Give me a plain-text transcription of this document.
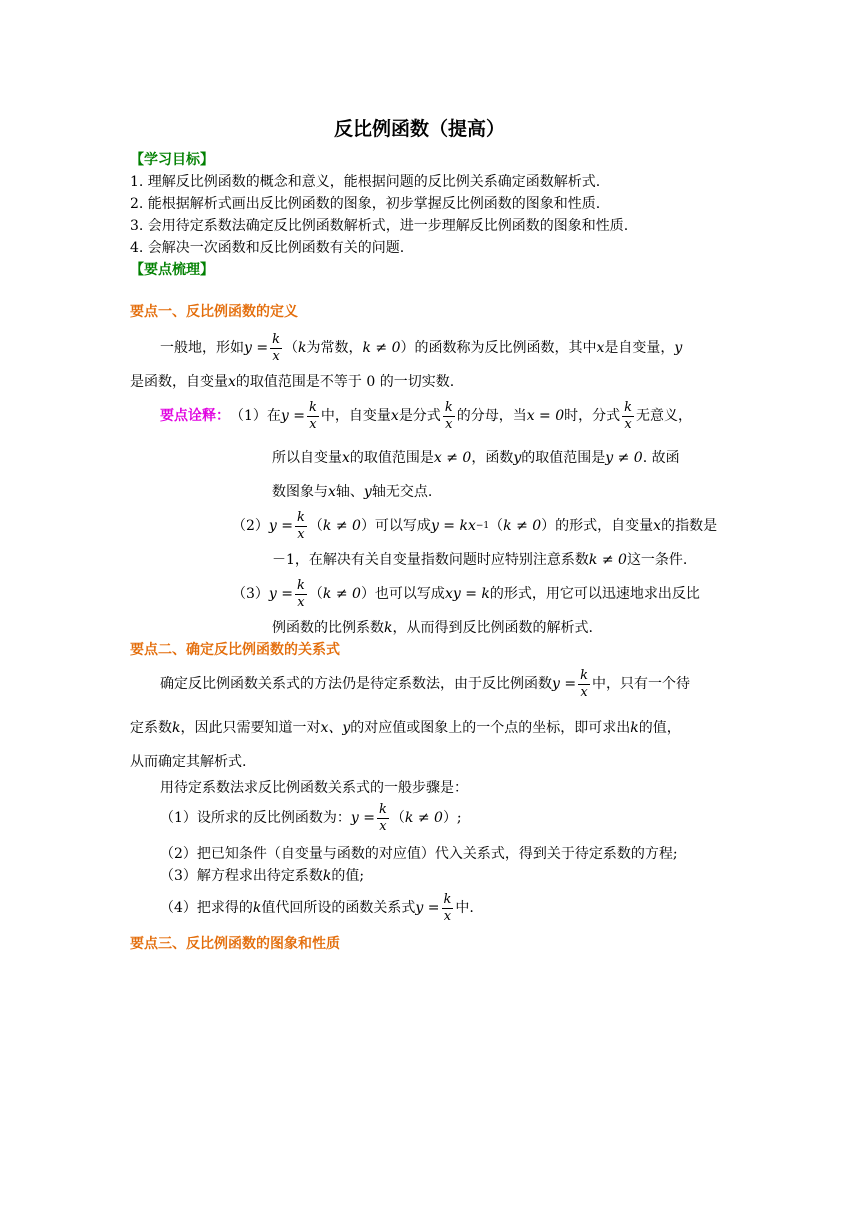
反比例函数（提高）
【学习目标】
1. 理解反比例函数的概念和意义，能根据问题的反比例关系确定函数解析式.
2. 能根据解析式画出反比例函数的图象，初步掌握反比例函数的图象和性质.
3. 会用待定系数法确定反比例函数解析式，进一步理解反比例函数的图象和性质.
4. 会解决一次函数和反比例函数有关的问题.
【要点梳理】
要点一、反比例函数的定义
一般地，形如 $y = \frac{k}{x}$ （ k 为常数， k ≠ 0 ）的函数称为反比例函数，其中 x 是自变量， y
是函数，自变量x的取值范围是不等于 0 的一切实数.
要点诠释： （1）在 $y = \frac{k}{x}$ 中，自变量 x 是分式 $\frac{k}{x}$ 的分母，当 x = 0 时，分式 $\frac{k}{x}$ 无意义，
所以自变量x的取值范围是x ≠ 0，函数y的取值范围是y ≠ 0. 故函
数图象与x轴、y轴无交点.
（2） $y = \frac{k}{x}$ （ k ≠ 0 ）可以写成 y = kx −1 （ k ≠ 0 ）的形式，自变量 x 的指数是
－1，在解决有关自变量指数问题时应特别注意系数k ≠ 0这一条件.
（3） $y = \frac{k}{x}$ （ k ≠ 0 ）也可以写成 xy = k 的形式，用它可以迅速地求出反比
例函数的比例系数k，从而得到反比例函数的解析式.
要点二、确定反比例函数的关系式
确定反比例函数关系式的方法仍是待定系数法，由于反比例函数 $y = \frac{k}{x}$ 中，只有一个待
定系数k，因此只需要知道一对x、y的对应值或图象上的一个点的坐标，即可求出k的值，
从而确定其解析式.
用待定系数法求反比例函数关系式的一般步骤是：
（1）设所求的反比例函数为： $y = \frac{k}{x}$ （ k ≠ 0 ）;
（2）把已知条件（自变量与函数的对应值）代入关系式，得到关于待定系数的方程;
（3）解方程求出待定系数k的值;
（4）把求得的 k 值代回所设的函数关系式 $y = \frac{k}{x}$ 中.
要点三、反比例函数的图象和性质
